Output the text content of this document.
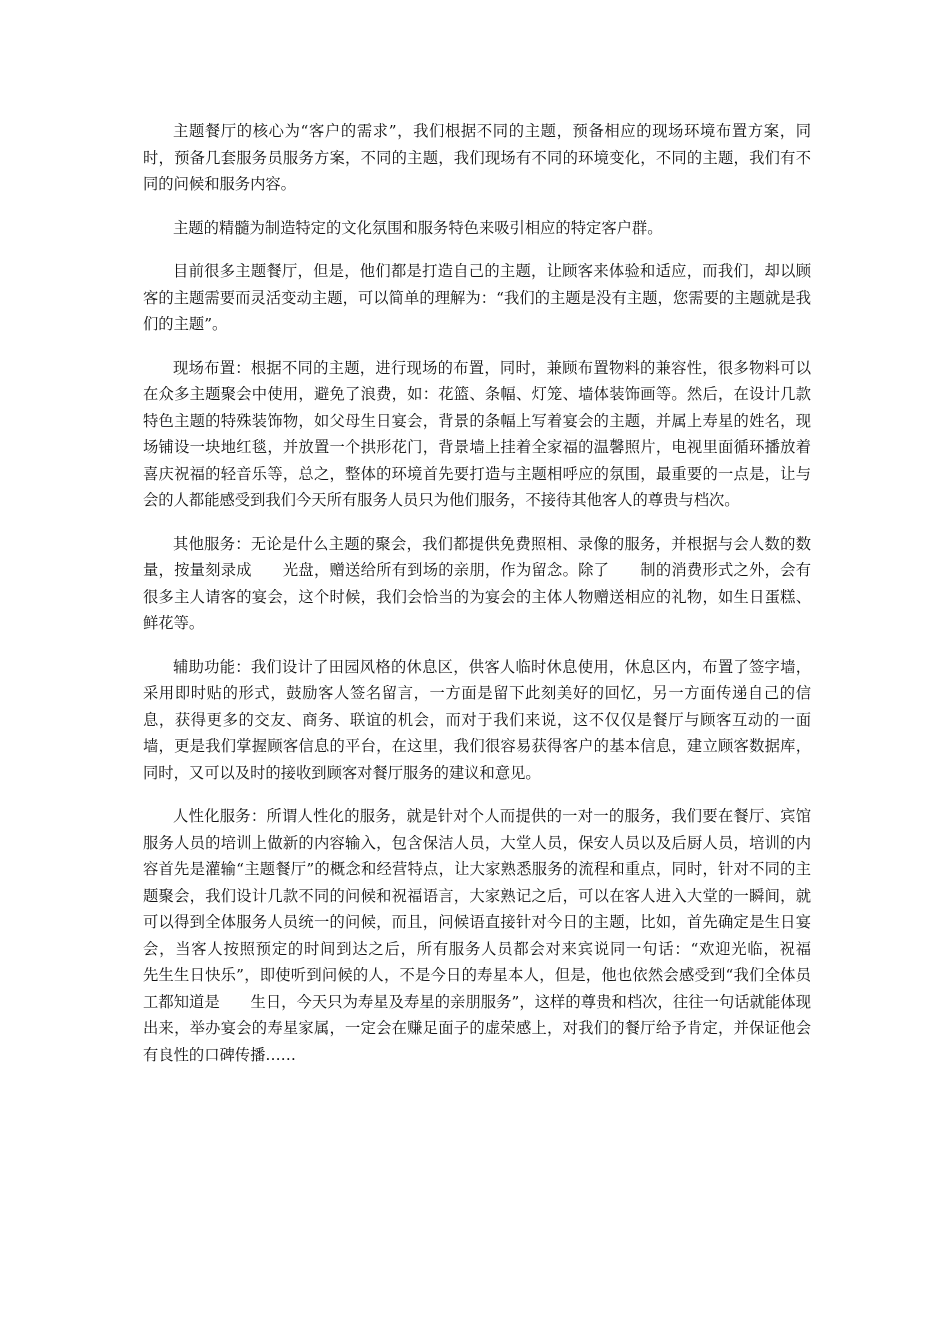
主题餐厅的核心为“客户的需求”，我们根据不同的主题，预备相应的现场环境布置方案，同时，预备几套服务员服务方案，不同的主题，我们现场有不同的环境变化，不同的主题，我们有不同的问候和服务内容。

主题的精髓为制造特定的文化氛围和服务特色来吸引相应的特定客户群。

目前很多主题餐厅，但是，他们都是打造自己的主题，让顾客来体验和适应，而我们，却以顾客的主题需要而灵活变动主题，可以简单的理解为：“我们的主题是没有主题，您需要的主题就是我们的主题”。

现场布置：根据不同的主题，进行现场的布置，同时，兼顾布置物料的兼容性，很多物料可以在众多主题聚会中使用，避免了浪费，如：花篮、条幅、灯笼、墙体装饰画等。然后，在设计几款特色主题的特殊装饰物，如父母生日宴会，背景的条幅上写着宴会的主题，并属上寿星的姓名，现场铺设一块地红毯，并放置一个拱形花门，背景墙上挂着全家福的温馨照片，电视里面循环播放着喜庆祝福的轻音乐等，总之，整体的环境首先要打造与主题相呼应的氛围，最重要的一点是，让与会的人都能感受到我们今天所有服务人员只为他们服务，不接待其他客人的尊贵与档次。

其他服务：无论是什么主题的聚会，我们都提供免费照相、录像的服务，并根据与会人数的数量，按量刻录成　　光盘，赠送给所有到场的亲朋，作为留念。除了　　制的消费形式之外，会有很多主人请客的宴会，这个时候，我们会恰当的为宴会的主体人物赠送相应的礼物，如生日蛋糕、鲜花等。

辅助功能：我们设计了田园风格的休息区，供客人临时休息使用，休息区内，布置了签字墙，采用即时贴的形式，鼓励客人签名留言，一方面是留下此刻美好的回忆，另一方面传递自己的信息，获得更多的交友、商务、联谊的机会，而对于我们来说，这不仅仅是餐厅与顾客互动的一面墙，更是我们掌握顾客信息的平台，在这里，我们很容易获得客户的基本信息，建立顾客数据库，同时，又可以及时的接收到顾客对餐厅服务的建议和意见。

人性化服务：所谓人性化的服务，就是针对个人而提供的一对一的服务，我们要在餐厅、宾馆服务人员的培训上做新的内容输入，包含保洁人员，大堂人员，保安人员以及后厨人员，培训的内容首先是灌输“主题餐厅”的概念和经营特点，让大家熟悉服务的流程和重点，同时，针对不同的主题聚会，我们设计几款不同的问候和祝福语言，大家熟记之后，可以在客人进入大堂的一瞬间，就可以得到全体服务人员统一的问候，而且，问候语直接针对今日的主题，比如，首先确定是生日宴会，当客人按照预定的时间到达之后，所有服务人员都会对来宾说同一句话：“欢迎光临，祝福　　先生生日快乐”，即使听到问候的人，不是今日的寿星本人，但是，他也依然会感受到“我们全体员工都知道是　　生日，今天只为寿星及寿星的亲朋服务”，这样的尊贵和档次，往往一句话就能体现出来，举办宴会的寿星家属，一定会在赚足面子的虚荣感上，对我们的餐厅给予肯定，并保证他会有良性的口碑传播……
